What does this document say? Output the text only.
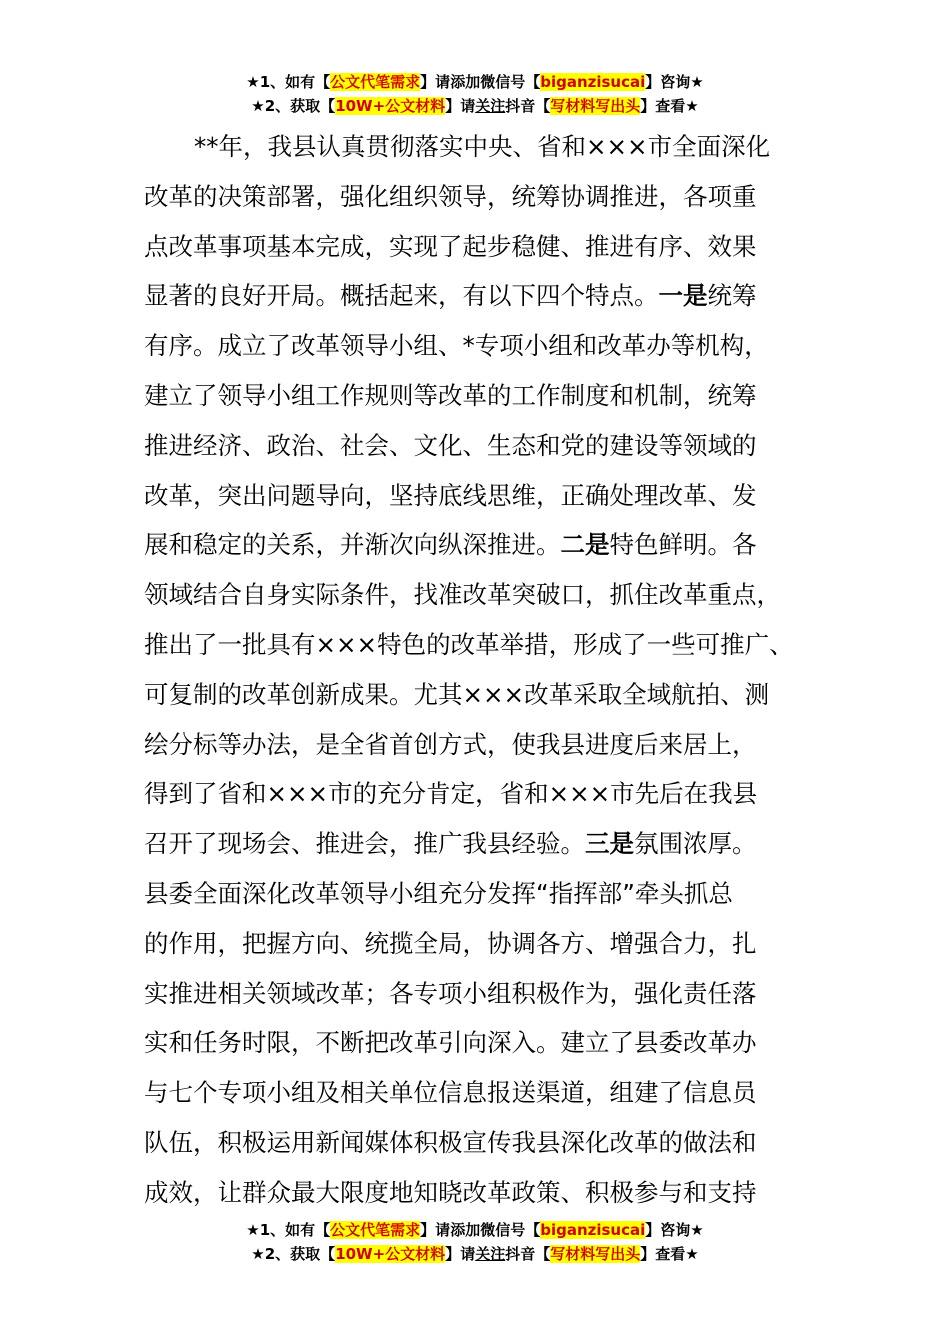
★1、如有【公文代笔需求】请添加微信号【biganzisucai】咨询★
★2、获取【10W+公文材料】请关注抖音【写材料写出头】查看★
**年，我县认真贯彻落实中央、省和×××市全面深化
改革的决策部署，强化组织领导，统筹协调推进，各项重
点改革事项基本完成，实现了起步稳健、推进有序、效果
显著的良好开局。概括起来，有以下四个特点。一是统筹
有序。成立了改革领导小组、*专项小组和改革办等机构，
建立了领导小组工作规则等改革的工作制度和机制，统筹
推进经济、政治、社会、文化、生态和党的建设等领域的
改革，突出问题导向，坚持底线思维，正确处理改革、发
展和稳定的关系，并渐次向纵深推进。二是特色鲜明。各
领域结合自身实际条件，找准改革突破口，抓住改革重点，
推出了一批具有×××特色的改革举措，形成了一些可推广、
可复制的改革创新成果。尤其×××改革采取全域航拍、测
绘分标等办法，是全省首创方式，使我县进度后来居上，
得到了省和×××市的充分肯定，省和×××市先后在我县
召开了现场会、推进会，推广我县经验。三是氛围浓厚。
县委全面深化改革领导小组充分发挥“指挥部”牵头抓总
的作用，把握方向、统揽全局，协调各方、增强合力，扎
实推进相关领域改革；各专项小组积极作为，强化责任落
实和任务时限，不断把改革引向深入。建立了县委改革办
与七个专项小组及相关单位信息报送渠道，组建了信息员
队伍，积极运用新闻媒体积极宣传我县深化改革的做法和
成效，让群众最大限度地知晓改革政策、积极参与和支持
★1、如有【公文代笔需求】请添加微信号【biganzisucai】咨询★
★2、获取【10W+公文材料】请关注抖音【写材料写出头】查看★
